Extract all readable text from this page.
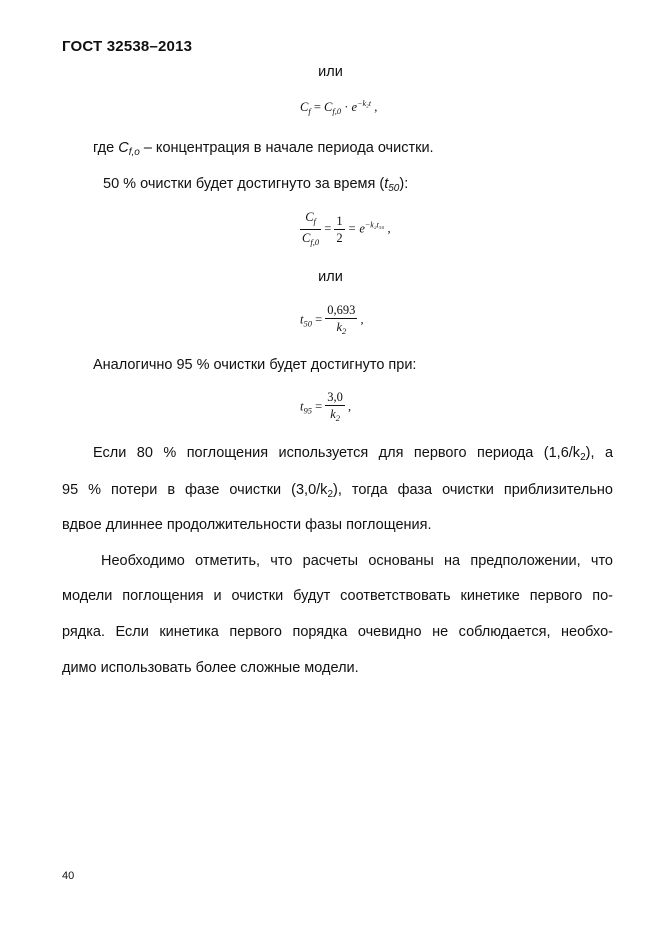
ГОСТ 32538–2013
или
$C_f = C_{f,0} \cdot e^{-k_2t}$ ,
где $C_{f,o}$ – концентрация в начале периода очистки.
50 % очистки будет достигнуто за время $(t_{50})$:
$\frac{C_f}{C_{f,0}} = \frac{1}{2} = e^{-k_2t_{50}}$ ,
или
$t_{50} = \frac{0,693}{k_2}$ ,
Аналогично 95 % очистки будет достигнуто при:
$t_{95} = \frac{3,0}{k_2}$ ,
Если 80 % поглощения используется для первого периода $(1,6/k_2)$, а
95 % потери в фазе очистки $(3,0/k_2)$, тогда фаза очистки приблизительно
вдвое длиннее продолжительности фазы поглощения.
Необходимо отметить, что расчеты основаны на предположении, что
модели поглощения и очистки будут соответствовать кинетике первого по-
рядка. Если кинетика первого порядка очевидно не соблюдается, необхо-
димо использовать более сложные модели.
40
